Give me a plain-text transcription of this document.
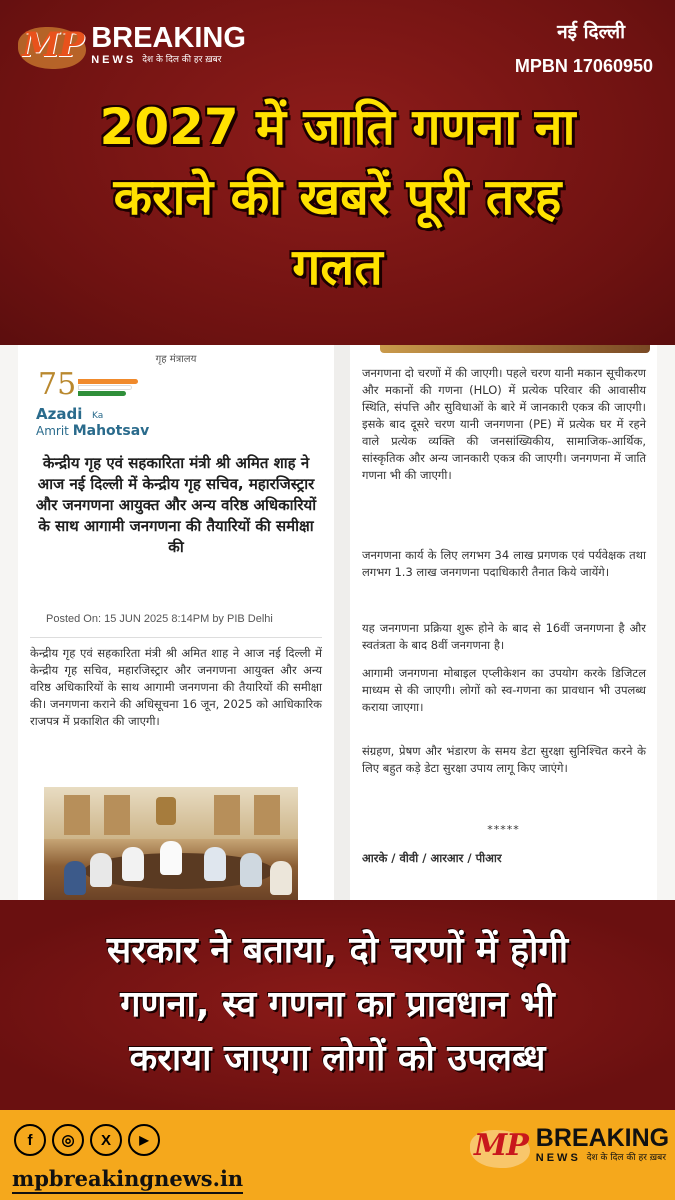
MP BREAKING
NEWS देश के दिल की हर ख़बर
नई दिल्ली
MPBN 17060950
2027 में जाति गणना ना
कराने की खबरें पूरी तरह
गलत
गृह मंत्रालय
75
Azadi Ka
Amrit Mahotsav
केन्द्रीय गृह एवं सहकारिता मंत्री श्री अमित शाह ने आज नई दिल्ली में केन्द्रीय गृह सचिव, महारजिस्ट्रार और जनगणना आयुक्त और अन्य वरिष्ठ अधिकारियों के साथ आगामी जनगणना की तैयारियों की समीक्षा की
Posted On: 15 JUN 2025 8:14PM by PIB Delhi
केन्द्रीय गृह एवं सहकारिता मंत्री श्री अमित शाह ने आज नई दिल्ली में केन्द्रीय गृह सचिव, महारजिस्ट्रार और जनगणना आयुक्त और अन्य वरिष्ठ अधिकारियों के साथ आगामी जनगणना की तैयारियों की समीक्षा की। जनगणना कराने की अधिसूचना 16 जून, 2025 को आधिकारिक राजपत्र में प्रकाशित की जाएगी।
जनगणना दो चरणों में की जाएगी। पहले चरण यानी मकान सूचीकरण और मकानों की गणना (HLO) में प्रत्येक परिवार की आवासीय स्थिति, संपत्ति और सुविधाओं के बारे में जानकारी एकत्र की जाएगी। इसके बाद दूसरे चरण यानी जनगणना (PE) में प्रत्येक घर में रहने वाले प्रत्येक व्यक्ति की जनसांख्यिकीय, सामाजिक-आर्थिक, सांस्कृतिक और अन्य जानकारी एकत्र की जाएगी। जनगणना में जाति गणना भी की जाएगी।
जनगणना कार्य के लिए लगभग 34 लाख प्रगणक एवं पर्यवेक्षक तथा लगभग 1.3 लाख जनगणना पदाधिकारी तैनात किये जायेंगे।
यह जनगणना प्रक्रिया शुरू होने के बाद से 16वीं जनगणना है और स्वतंत्रता के बाद 8वीं जनगणना है।
आगामी जनगणना मोबाइल एप्लीकेशन का उपयोग करके डिजिटल माध्यम से की जाएगी। लोगों को स्व-गणना का प्रावधान भी उपलब्ध कराया जाएगा।
संग्रहण, प्रेषण और भंडारण के समय डेटा सुरक्षा सुनिश्चित करने के लिए बहुत कड़े डेटा सुरक्षा उपाय लागू किए जाएंगे।
*****
आरके / वीवी / आरआर / पीआर
सरकार ने बताया, दो चरणों में होगी
गणना, स्व गणना का प्रावधान भी
कराया जाएगा लोगों को उपलब्ध
f	◎	X	▶
mpbreakingnews.in
MP BREAKING
NEWS देश के दिल की हर ख़बर
